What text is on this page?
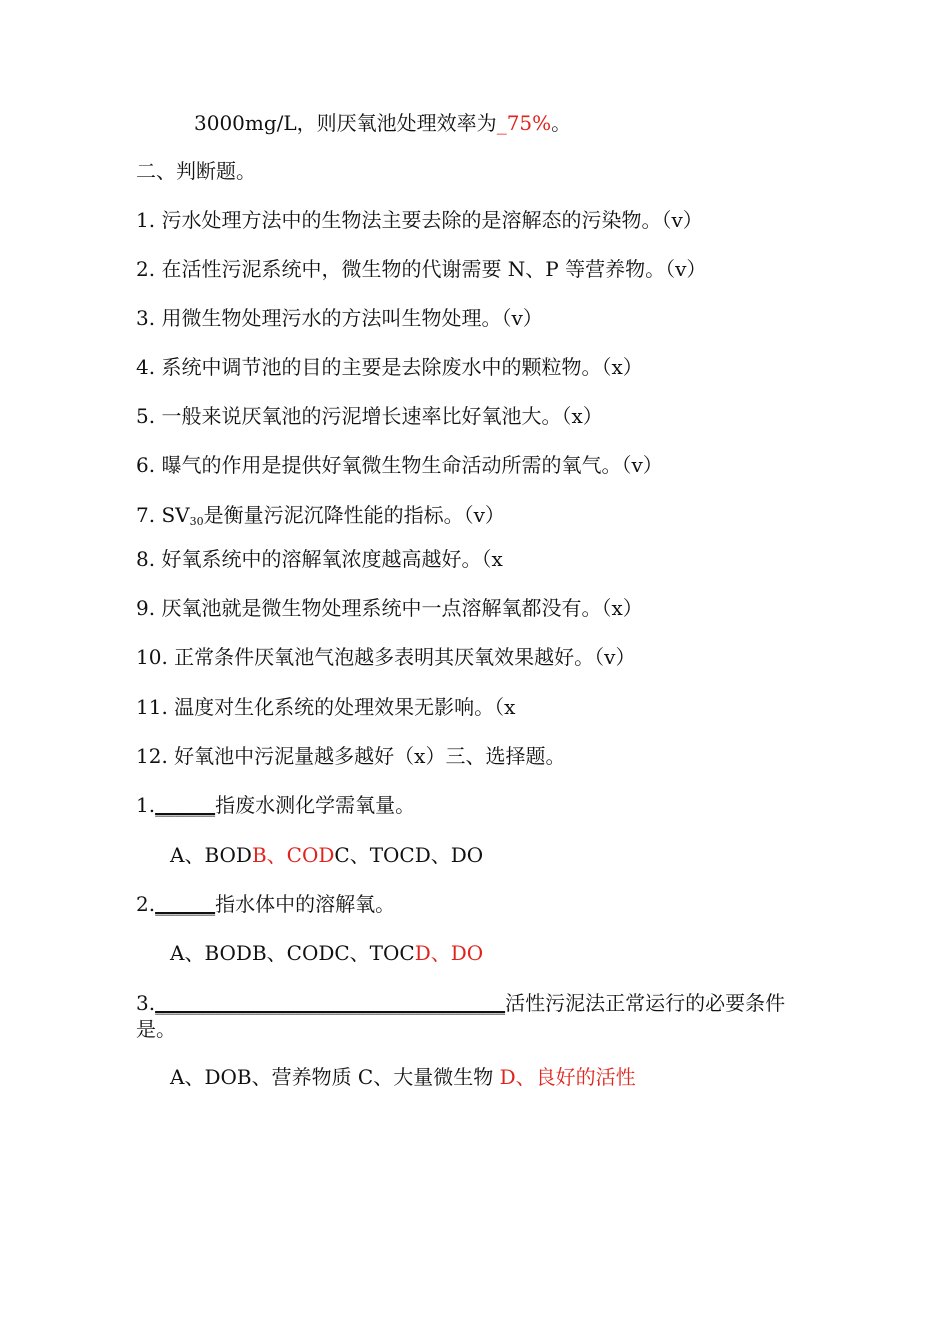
3000mg/L，则厌氧池处理效率为_75%。
二、判断题。
1. 污水处理方法中的生物法主要去除的是溶解态的污染物。（v）
2. 在活性污泥系统中，微生物的代谢需要 N、P 等营养物。（v）
3. 用微生物处理污水的方法叫生物处理。（v）
4. 系统中调节池的目的主要是去除废水中的颗粒物。（x）
5. 一般来说厌氧池的污泥增长速率比好氧池大。（x）
6. 曝气的作用是提供好氧微生物生命活动所需的氧气。（v）
7. $SV_{30}$是衡量污泥沉降性能的指标。（v）
8. 好氧系统中的溶解氧浓度越高越好。（x
9. 厌氧池就是微生物处理系统中一点溶解氧都没有。（x）
10. 正常条件厌氧池气泡越多表明其厌氧效果越好。（v）
11. 温度对生化系统的处理效果无影响。（x
12. 好氧池中污泥量越多越好（x）三、选择题。
1.______指废水测化学需氧量。
A、BODB、CODC、TOCD、DO
2.______指水体中的溶解氧。
A、BODB、CODC、TOCD、DO
3.___________________________________活性污泥法正常运行的必要条件是。
A、DOB、营养物质 C、大量微生物 D、良好的活性
